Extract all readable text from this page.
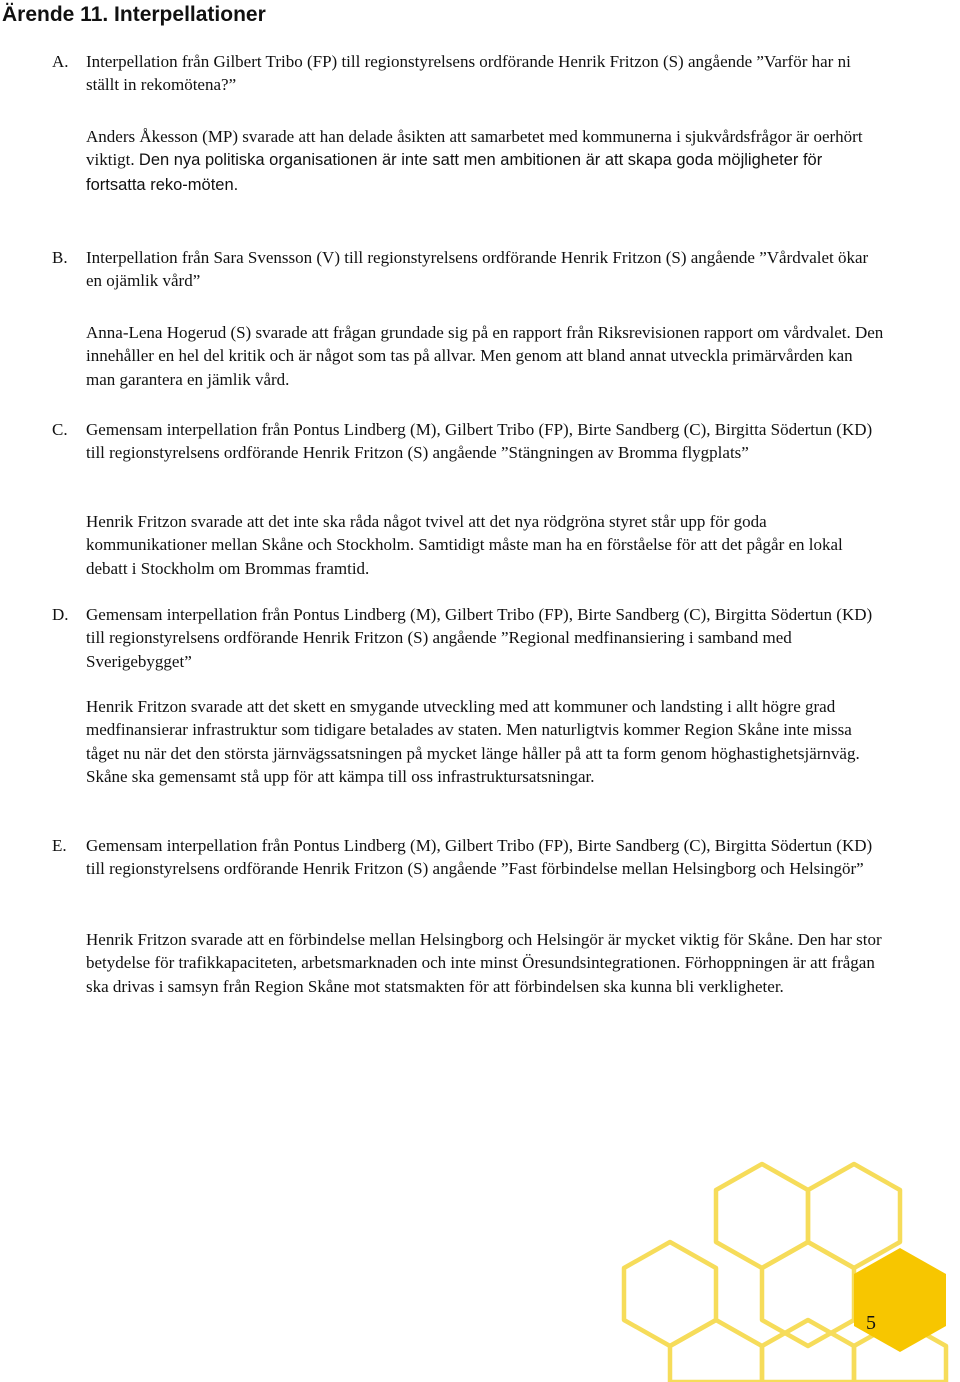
Ärende 11. Interpellationer
A. Interpellation från Gilbert Tribo (FP) till regionstyrelsens ordförande Henrik Fritzon (S) angående ”Varför har ni ställt in rekomötena?”

Anders Åkesson (MP) svarade att han delade åsikten att samarbetet med kommunerna i sjukvårdsfrågor är oerhört viktigt. Den nya politiska organisationen är inte satt men ambitionen är att skapa goda möjligheter för fortsatta reko-möten.

B. Interpellation från Sara Svensson (V) till regionstyrelsens ordförande Henrik Fritzon (S) angående ”Vårdvalet ökar en ojämlik vård”

Anna-Lena Hogerud (S) svarade att frågan grundade sig på en rapport från Riksrevisionen rapport om vårdvalet. Den innehåller en hel del kritik och är något som tas på allvar. Men genom att bland annat utveckla primärvården kan man garantera en jämlik vård.

C. Gemensam interpellation från Pontus Lindberg (M), Gilbert Tribo (FP), Birte Sandberg (C), Birgitta Södertun (KD) till regionstyrelsens ordförande Henrik Fritzon (S) angående ”Stängningen av Bromma flygplats”

Henrik Fritzon svarade att det inte ska råda något tvivel att det nya rödgröna styret står upp för goda kommunikationer mellan Skåne och Stockholm. Samtidigt måste man ha en förståelse för att det pågår en lokal debatt i Stockholm om Brommas framtid.

D. Gemensam interpellation från Pontus Lindberg (M), Gilbert Tribo (FP), Birte Sandberg (C), Birgitta Södertun (KD) till regionstyrelsens ordförande Henrik Fritzon (S) angående ”Regional medfinansiering i samband med Sverigebygget”

Henrik Fritzon svarade att det skett en smygande utveckling med att kommuner och landsting i allt högre grad medfinansierar infrastruktur som tidigare betalades av staten. Men naturligtvis kommer Region Skåne inte missa tåget nu när det den största järnvägssatsningen på mycket länge håller på att ta form genom höghastighetsjärnväg. Skåne ska gemensamt stå upp för att kämpa till oss infrastruktursatsningar.

E. Gemensam interpellation från Pontus Lindberg (M), Gilbert Tribo (FP), Birte Sandberg (C), Birgitta Södertun (KD) till regionstyrelsens ordförande Henrik Fritzon (S) angående ”Fast förbindelse mellan Helsingborg och Helsingör”

Henrik Fritzon svarade att en förbindelse mellan Helsingborg och Helsingör är mycket viktig för Skåne. Den har stor betydelse för trafikkapaciteten, arbetsmarknaden och inte minst Öresundsintegrationen. Förhoppningen är att frågan ska drivas i samsyn från Region Skåne mot statsmakten för att förbindelsen ska kunna bli verkligheter.

5
